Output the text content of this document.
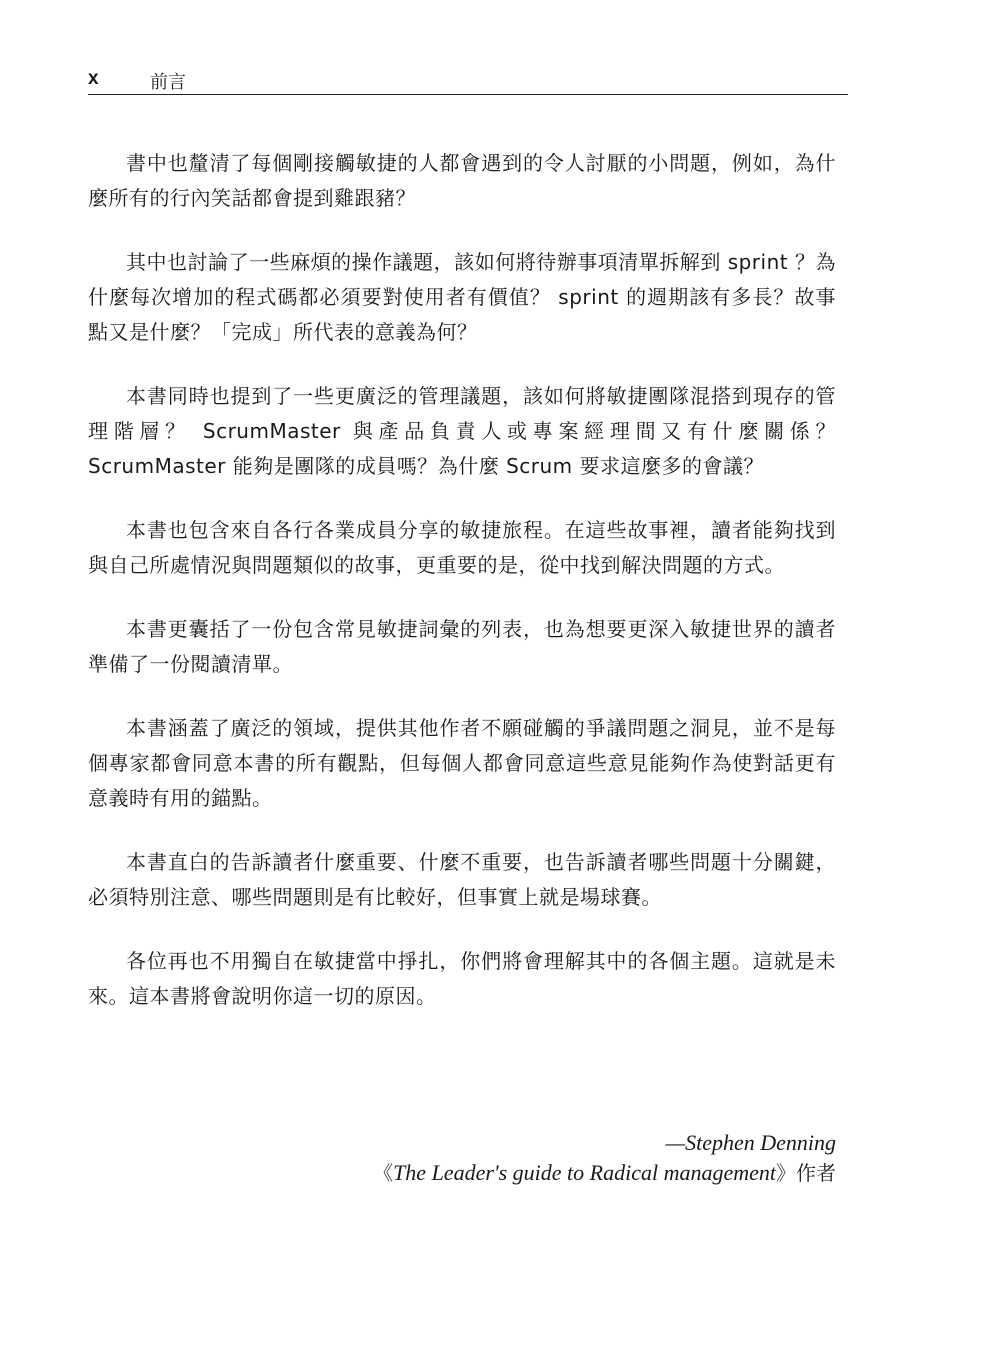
x	前言

書中也釐清了每個剛接觸敏捷的人都會遇到的令人討厭的小問題，例如，為什麼所有的行內笑話都會提到雞跟豬？

其中也討論了一些麻煩的操作議題，該如何將待辦事項清單拆解到 sprint ？為什麼每次增加的程式碼都必須要對使用者有價值？ sprint 的週期該有多長？故事點又是什麼？「完成」所代表的意義為何？

本書同時也提到了一些更廣泛的管理議題，該如何將敏捷團隊混搭到現存的管理階層？ ScrumMaster 與產品負責人或專案經理間又有什麼關係？ ScrumMaster 能夠是團隊的成員嗎？為什麼 Scrum 要求這麼多的會議？

本書也包含來自各行各業成員分享的敏捷旅程。在這些故事裡，讀者能夠找到與自己所處情況與問題類似的故事，更重要的是，從中找到解決問題的方式。

本書更囊括了一份包含常見敏捷詞彙的列表，也為想要更深入敏捷世界的讀者準備了一份閱讀清單。

本書涵蓋了廣泛的領域，提供其他作者不願碰觸的爭議問題之洞見，並不是每個專家都會同意本書的所有觀點，但每個人都會同意這些意見能夠作為使對話更有意義時有用的錨點。

本書直白的告訴讀者什麼重要、什麼不重要，也告訴讀者哪些問題十分關鍵，必須特別注意、哪些問題則是有比較好，但事實上就是場球賽。

各位再也不用獨自在敏捷當中掙扎，你們將會理解其中的各個主題。這就是未來。這本書將會說明你這一切的原因。

—Stephen Denning
《The Leader's guide to Radical management》作者
